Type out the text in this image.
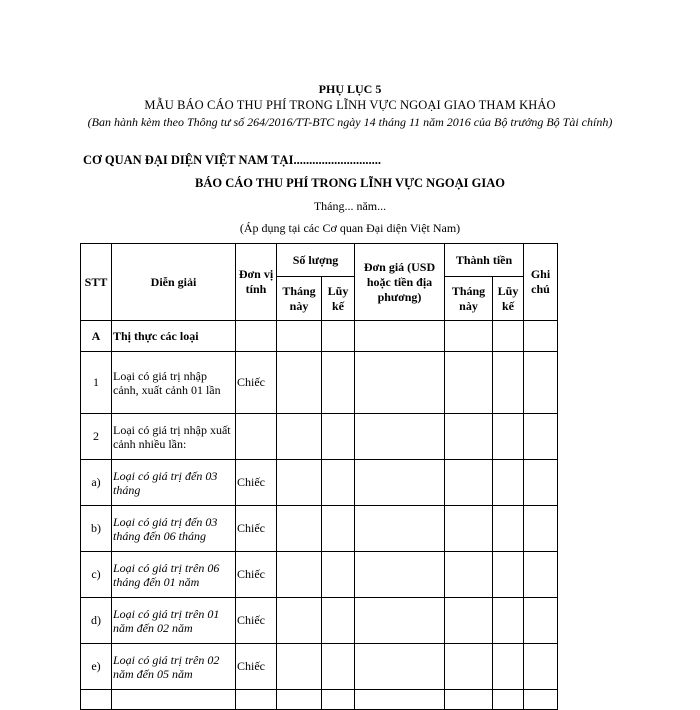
PHỤ LỤC 5
MẪU BÁO CÁO THU PHÍ TRONG LĨNH VỰC NGOẠI GIAO THAM KHẢO
(Ban hành kèm theo Thông tư số 264/2016/TT-BTC ngày 14 tháng 11 năm 2016 của Bộ trưởng Bộ Tài chính)
CƠ QUAN ĐẠI DIỆN VIỆT NAM TẠI............................
BÁO CÁO THU PHÍ TRONG LĨNH VỰC NGOẠI GIAO
Tháng... năm...
(Áp dụng tại các Cơ quan Đại diện Việt Nam)
STT	Diễn giải	Đơn vị tính	Số lượng		Đơn giá (USD hoặc tiền địa phương)	Thành tiền		Ghi chú
			Tháng này	Lũy kế		Tháng này	Lũy kế	
A	Thị thực các loại							
1	Loại có giá trị nhập cảnh, xuất cảnh 01 lần	Chiếc						
2	Loại có giá trị nhập xuất cảnh nhiều lần:							
a)	Loại có giá trị đến 03 tháng	Chiếc						
b)	Loại có giá trị đến 03 tháng đến 06 tháng	Chiếc						
c)	Loại có giá trị trên 06 tháng đến 01 năm	Chiếc						
d)	Loại có giá trị trên 01 năm đến 02 năm	Chiếc						
e)	Loại có giá trị trên 02 năm đến 05 năm	Chiếc						
